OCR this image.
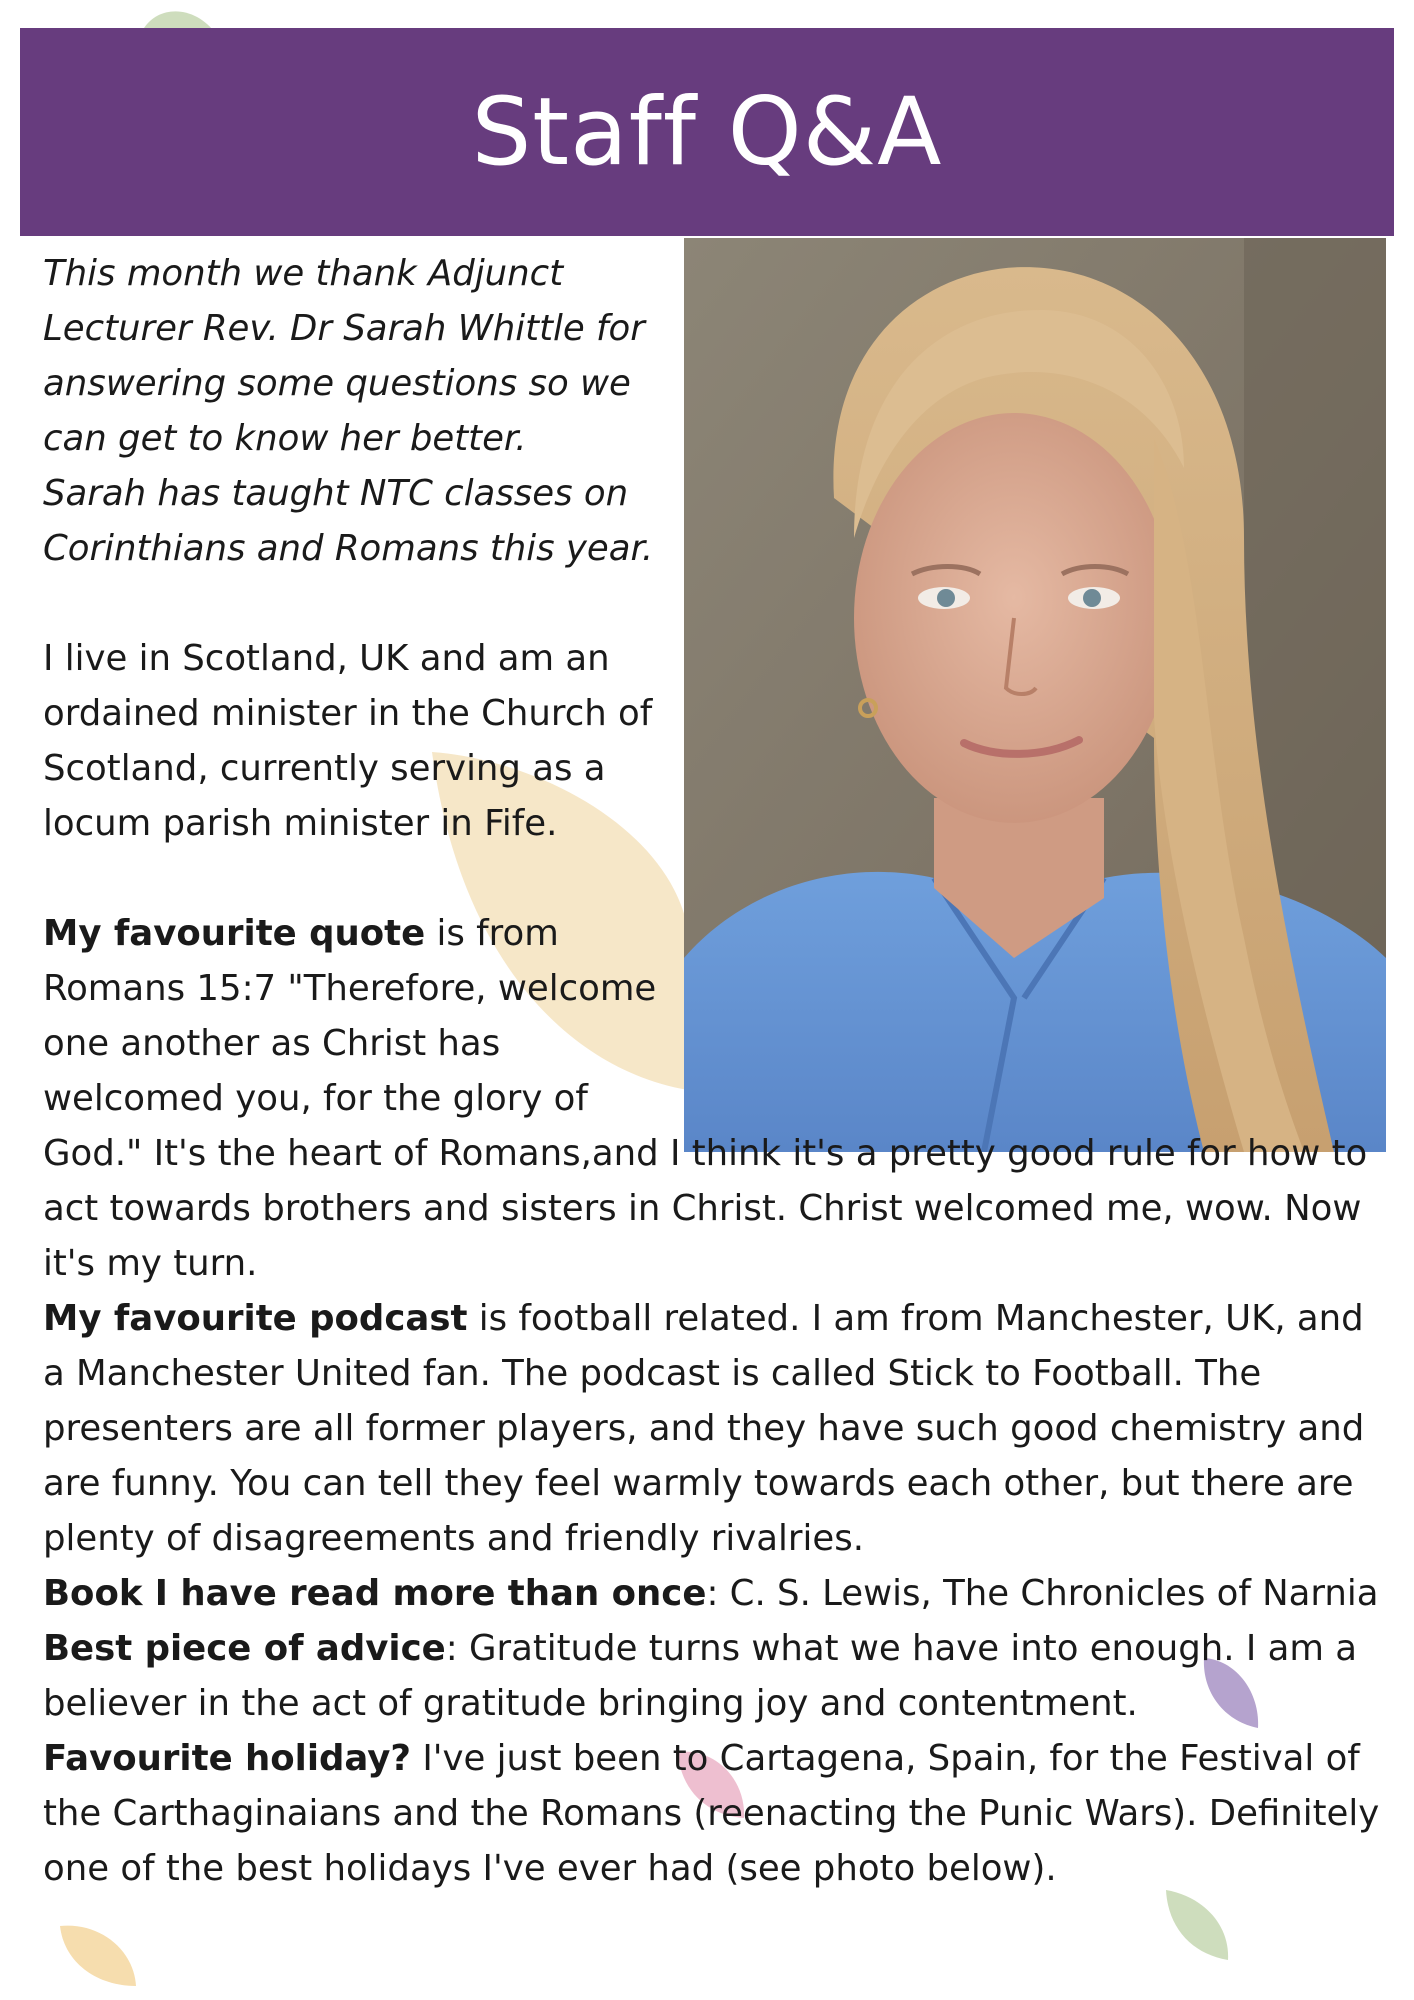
Staff Q&A

This month we thank Adjunct Lecturer Rev. Dr Sarah Whittle for answering some questions so we can get to know her better.

Sarah has taught NTC classes on Corinthians and Romans this year.

I live in Scotland, UK and am an ordained minister in the Church of Scotland, currently serving as a locum parish minister in Fife.

My favourite quote is from Romans 15:7 "Therefore, welcome one another as Christ has welcomed you, for the glory of God." It's the heart of Romans,and I think it's a pretty good rule for how to act towards brothers and sisters in Christ. Christ welcomed me, wow. Now it's my turn.

My favourite podcast is football related. I am from Manchester, UK, and a Manchester United fan. The podcast is called Stick to Football. The presenters are all former players, and they have such good chemistry and are funny. You can tell they feel warmly towards each other, but there are plenty of disagreements and friendly rivalries.

Book I have read more than once: C. S. Lewis, The Chronicles of Narnia

Best piece of advice: Gratitude turns what we have into enough. I am a believer in the act of gratitude bringing joy and contentment.

Favourite holiday? I've just been to Cartagena, Spain, for the Festival of the Carthaginaians and the Romans (reenacting the Punic Wars). Definitely one of the best holidays I've ever had (see photo below).
